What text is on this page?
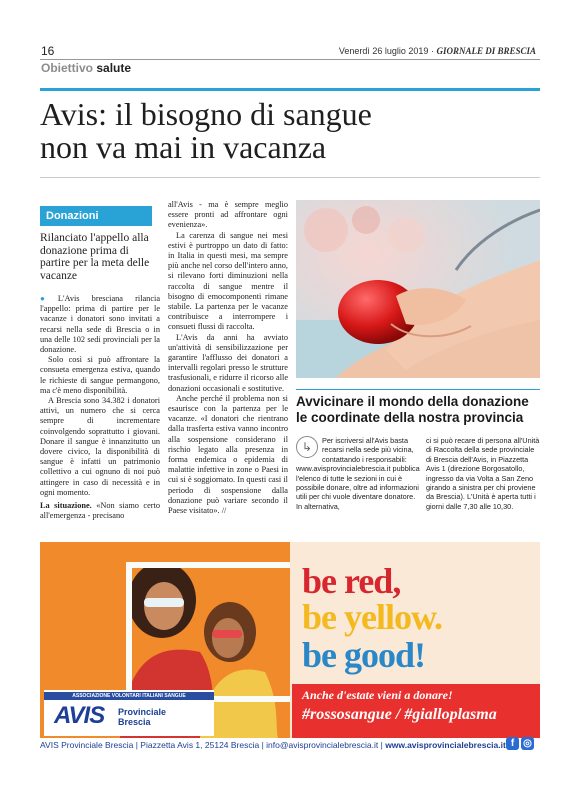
16	Venerdì 26 luglio 2019 · GIORNALE DI BRESCIA
Obiettivo salute
Avis: il bisogno di sangue
non va mai in vacanza
Donazioni
Rilanciato l'appello alla donazione prima di partire per la meta delle vacanze

● L'Avis bresciana rilancia l'appello: prima di partire per le vacanze i donatori sono invitati a recarsi nella sede di Brescia o in una delle 102 sedi provinciali per la donazione.

Solo così si può affrontare la consueta emergenza estiva, quando le richieste di sangue permangono, ma c'è meno disponibilità.

A Brescia sono 34.382 i donatori attivi, un numero che si cerca sempre di incrementare coinvolgendo soprattutto i giovani. Donare il sangue è innanzitutto un dovere civico, la disponibilità di sangue è infatti un patrimonio collettivo a cui ognuno di noi può attingere in caso di necessità e in ogni momento.

La situazione. «Non siamo certo all'emergenza - precisano

all'Avis - ma è sempre meglio essere pronti ad affrontare ogni evenienza».

La carenza di sangue nei mesi estivi è purtroppo un dato di fatto: in Italia in questi mesi, ma sempre più anche nel corso dell'intero anno, si rilevano forti diminuzioni nella raccolta di sangue mentre il bisogno di emocomponenti rimane stabile. La partenza per le vacanze contribuisce a interrompere i consueti flussi di raccolta.

L'Avis da anni ha avviato un'attività di sensibilizzazione per garantire l'afflusso dei donatori a intervalli regolari presso le strutture trasfusionali, e ridurre il ricorso alle donazioni occasionali e sostitutive.

Anche perché il problema non si esaurisce con la partenza per le vacanze. «I donatori che rientrano dalla trasferta estiva vanno incontro alla sospensione considerano il rischio legato alla presenza in forma endemica o epidemia di malattie infettive in zone o Paesi in cui si è soggiornato. In questi casi il periodo di sospensione dalla donazione può variare secondo il Paese visitato». //

Avvicinare il mondo della donazione le coordinate della nostra provincia
↳	Per iscriversi all'Avis basta recarsi nella sede più vicina, contattando i responsabili: www.avisprovincialebrescia.it pubblica l'elenco di tutte le sezioni in cui è possibile donare, oltre ad informazioni utili per chi vuole diventare donatore. In alternativa,
ci si può recare di persona all'Unità di Raccolta della sede provinciale di Brescia dell'Avis, in Piazzetta Avis 1 (direzione Borgosatollo, ingresso da via Volta a San Zeno girando a sinistra per chi proviene da Brescia). L'Unità è aperta tutti i giorni dalle 7,30 alle 10,30.
be red,
be yellow.
be good!
Anche d'estate vieni a donare!
#rossosangue / #gialloplasma
ASSOCIAZIONE VOLONTARI ITALIANI SANGUE
AVIS Provinciale
Brescia
AVIS Provinciale Brescia | Piazzetta Avis 1, 25124 Brescia | info@avisprovincialebrescia.it | www.avisprovincialebrescia.it f ◎
